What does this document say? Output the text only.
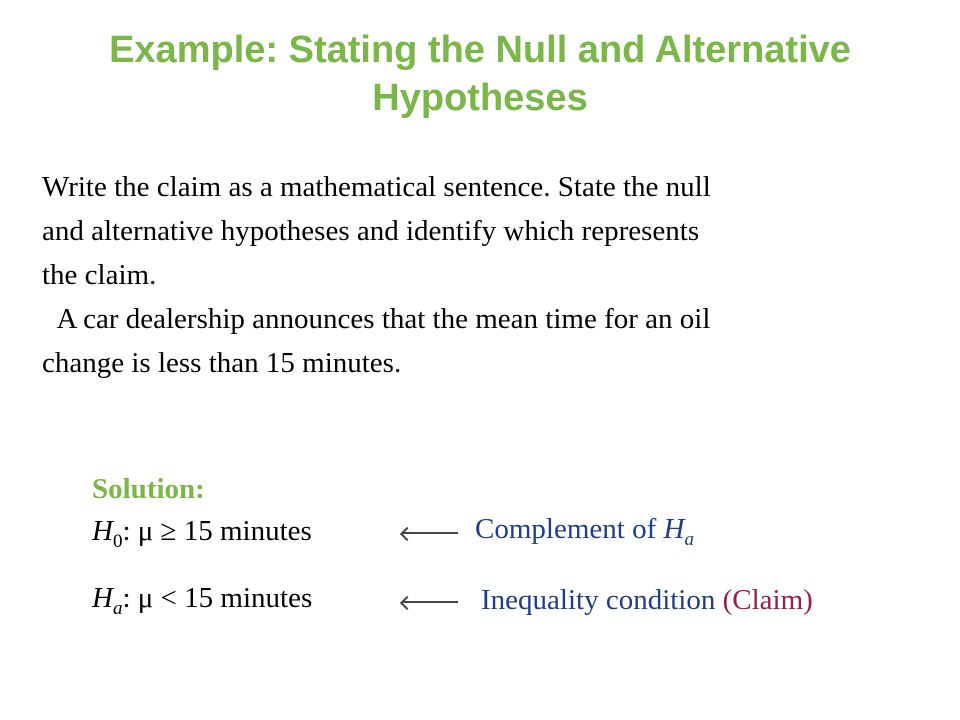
Example: Stating the Null and Alternative
Hypotheses
Write the claim as a mathematical sentence. State the null
and alternative hypotheses and identify which represents
the claim.
A car dealership announces that the mean time for an oil
change is less than 15 minutes.
Solution:
$H_0$: μ ≥ 15 minutes	Complement of $H_a$
$H_a$: μ < 15 minutes	Inequality condition (Claim)
